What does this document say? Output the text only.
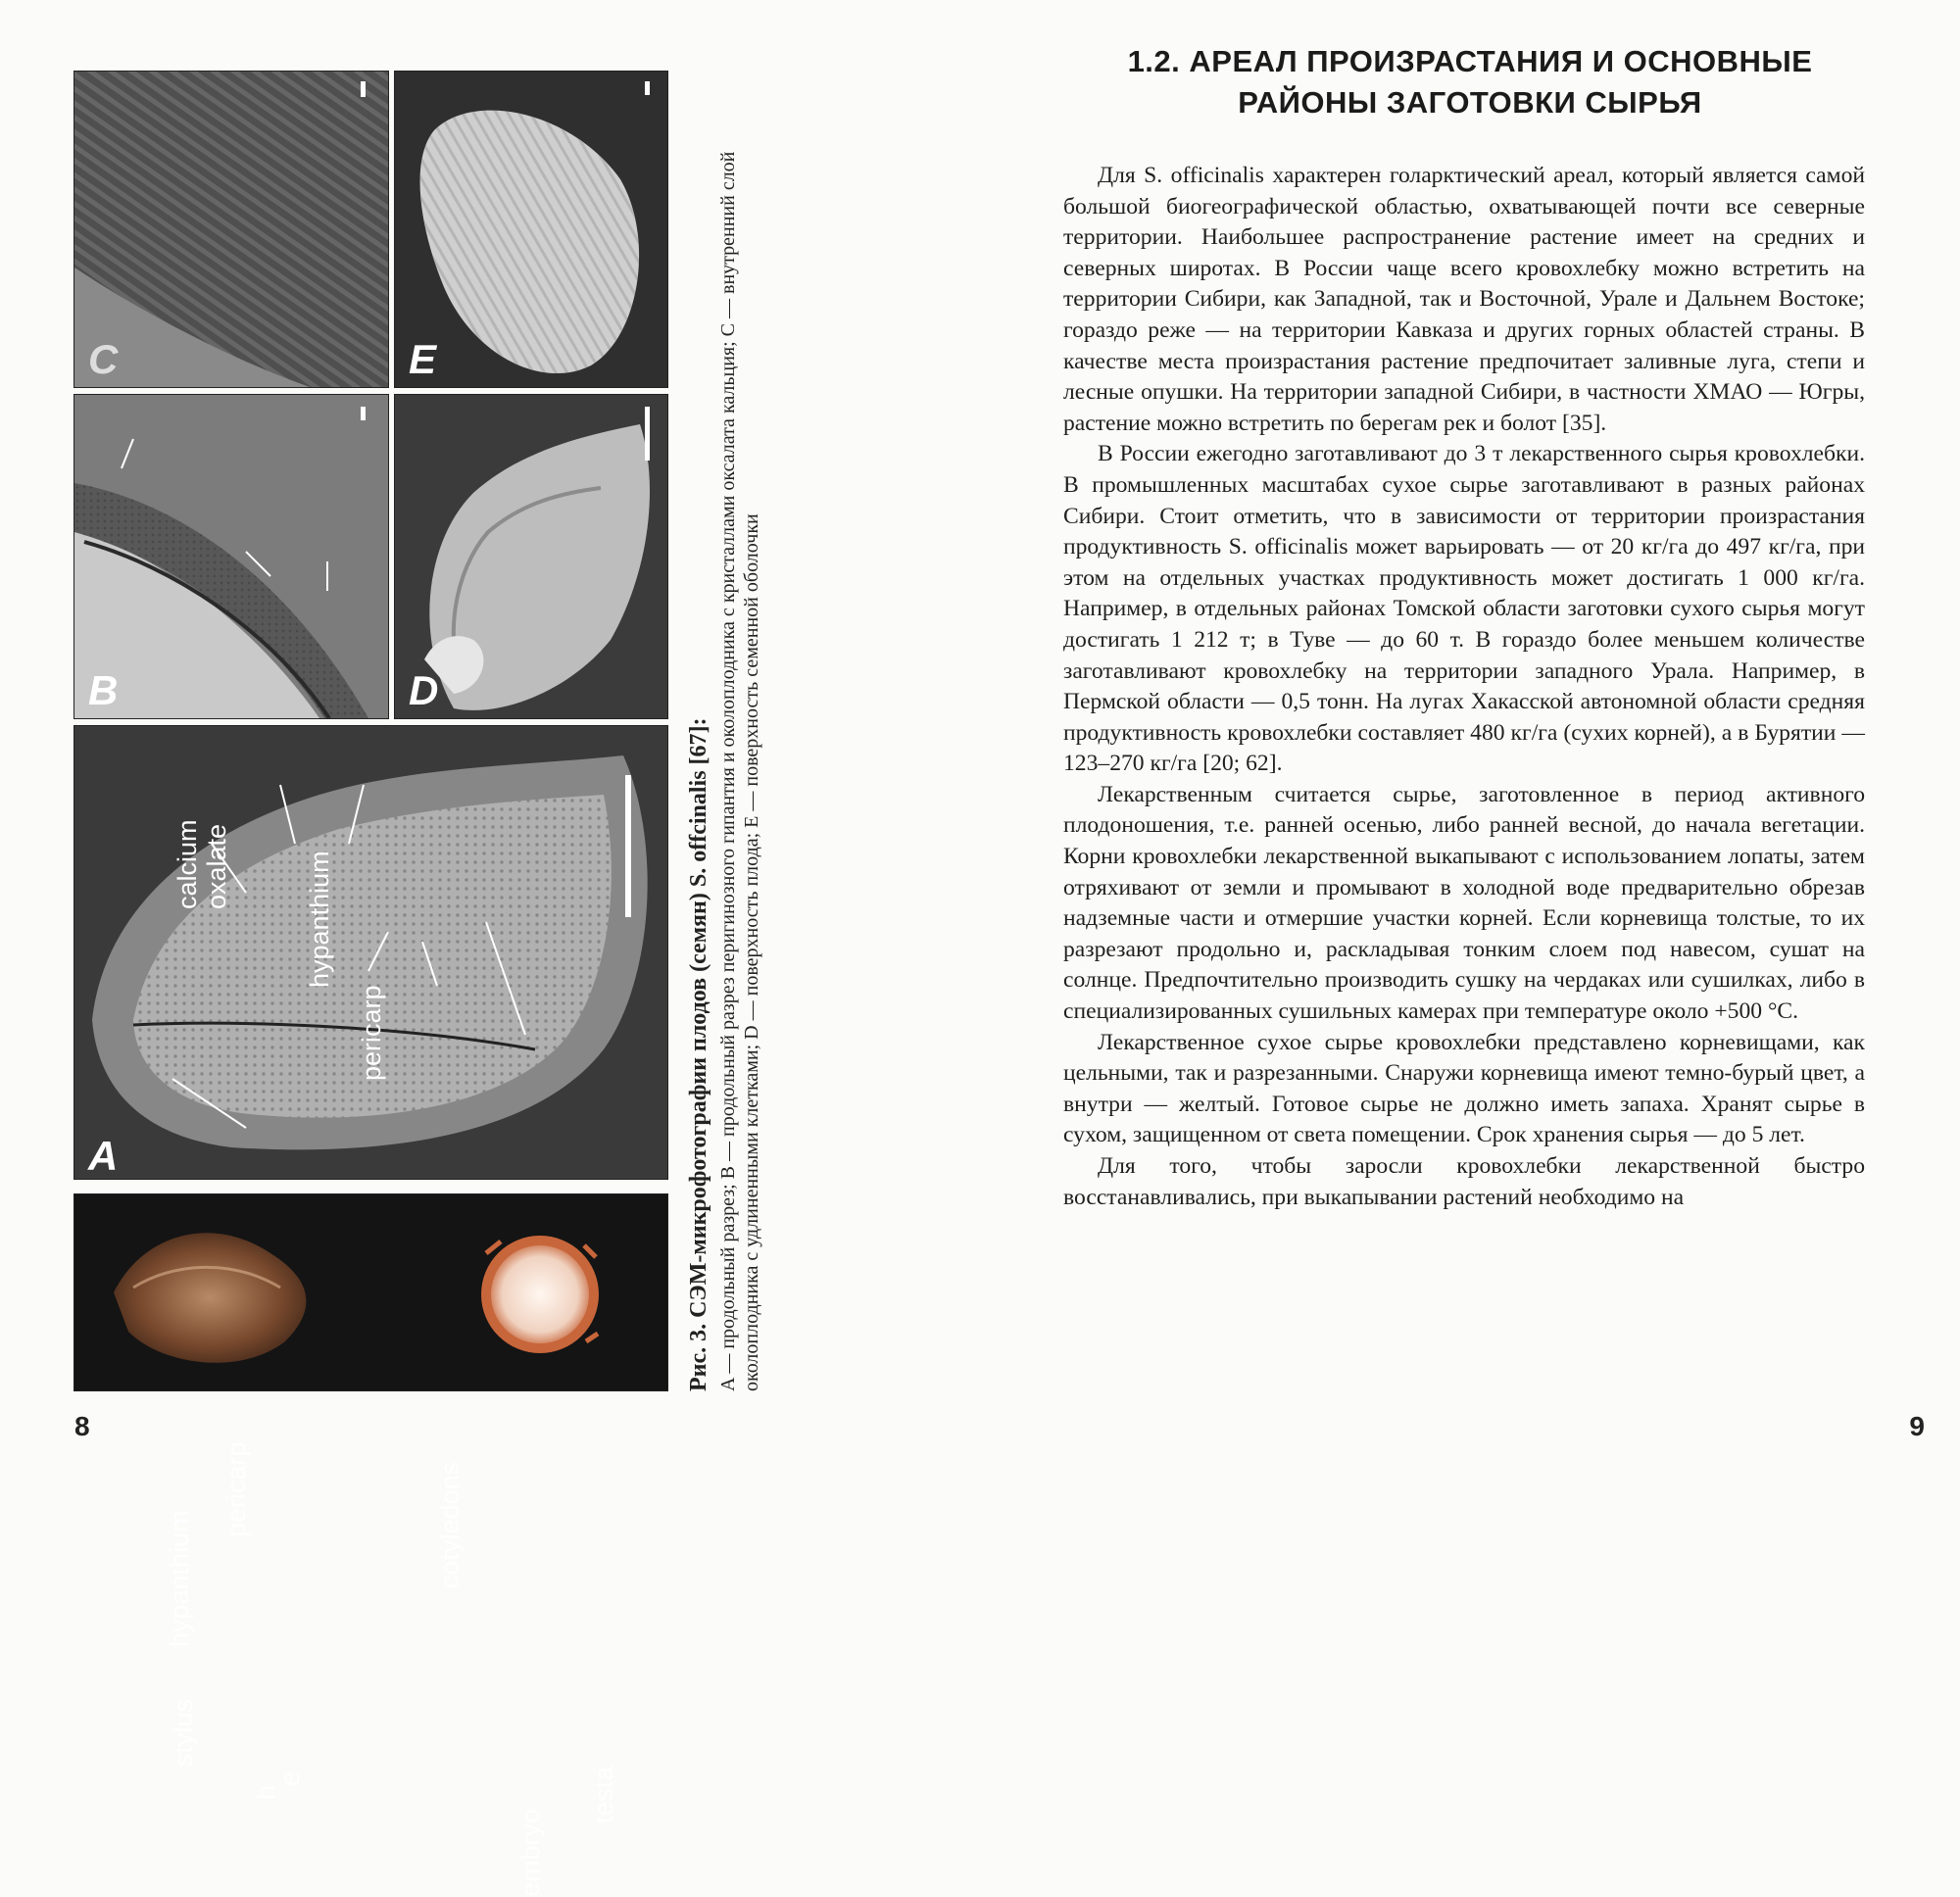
A
stylus
hypanthium
pericarp	cotyledons
embryo
testa
h
e
B
calcium oxalate	hypanthium
pericarp
C
D
E

Рис. 3. СЭМ-микрофотографии плодов (семян) S. offcinalis [67]: A — продольный разрез; B — продольный разрез перигинозного гипантия и околоплодника с кристаллами оксалата кальция; C — внутренний слой околоплодника с удлиненными клетками; D — поверхность плода; E — поверхность семенной оболочки

8
1.2. АРЕАЛ ПРОИЗРАСТАНИЯ И ОСНОВНЫЕ
РАЙОНЫ ЗАГОТОВКИ СЫРЬЯ

Для S. officinalis характерен голарктический ареал, который является самой большой биогеографической областью, охватывающей почти все северные территории. Наибольшее распространение растение имеет на средних и северных широтах. В России чаще всего кровохлебку можно встретить на территории Сибири, как Западной, так и Восточной, Урале и Дальнем Востоке; гораздо реже — на территории Кавказа и других горных областей страны. В качестве места произрастания растение предпочитает заливные луга, степи и лесные опушки. На территории западной Сибири, в частности ХМАО — Югры, растение можно встретить по берегам рек и болот [35].

В России ежегодно заготавливают до 3 т лекарственного сырья кровохлебки. В промышленных масштабах сухое сырье заготавливают в разных районах Сибири. Стоит отметить, что в зависимости от территории произрастания продуктивность S. officinalis может варьировать — от 20 кг/га до 497 кг/га, при этом на отдельных участках продуктивность может достигать 1 000 кг/га. Например, в отдельных районах Томской области заготовки сухого сырья могут достигать 1 212 т; в Туве — до 60 т. В гораздо более меньшем количестве заготавливают кровохлебку на территории западного Урала. Например, в Пермской области — 0,5 тонн. На лугах Хакасской автономной области средняя продуктивность кровохлебки составляет 480 кг/га (сухих корней), а в Бурятии — 123–270 кг/га [20; 62].

Лекарственным считается сырье, заготовленное в период активного плодоношения, т.е. ранней осенью, либо ранней весной, до начала вегетации. Корни кровохлебки лекарственной выкапывают с использованием лопаты, затем отряхивают от земли и промывают в холодной воде предварительно обрезав надземные части и отмершие участки корней. Если корневища толстые, то их разрезают продольно и, раскладывая тонким слоем под навесом, сушат на солнце. Предпочтительно производить сушку на чердаках или сушилках, либо в специализированных сушильных камерах при температуре около +500 °С.

Лекарственное сухое сырье кровохлебки представлено корневищами, как цельными, так и разрезанными. Снаружи корневища имеют темно-бурый цвет, а внутри — желтый. Готовое сырье не должно иметь запаха. Хранят сырье в сухом, защищенном от света помещении. Срок хранения сырья — до 5 лет.

Для того, чтобы заросли кровохлебки лекарственной быстро восстанавливались, при выкапывании растений необходимо на

9
